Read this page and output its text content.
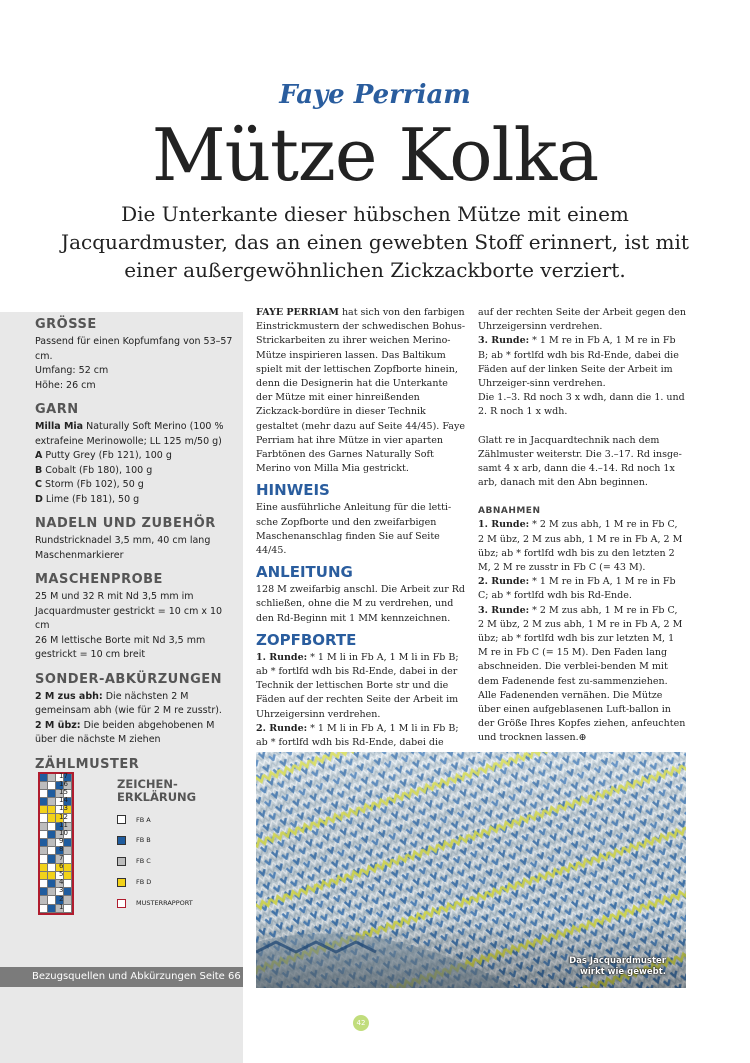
Faye Perriam
Mütze Kolka
Die Unterkante dieser hübschen Mütze mit einem Jacquardmuster, das an einen gewebten Stoff erinnert, ist mit einer außergewöhnlichen Zickzackborte verziert.
GRÖSSE

Passend für einen Kopfumfang von 53–57 cm.

Umfang: 52 cm

Höhe: 26 cm

GARN

Milla Mia Naturally Soft Merino (100 % extrafeine Merinowolle; LL 125 m/50 g)

A Putty Grey (Fb 121), 100 g

B Cobalt (Fb 180), 100 g

C Storm (Fb 102), 50 g

D Lime (Fb 181), 50 g

NADELN UND ZUBEHÖR

Rundstricknadel 3,5 mm, 40 cm lang

Maschenmarkierer

MASCHENPROBE

25 M und 32 R mit Nd 3,5 mm im Jacquardmuster gestrickt = 10 cm x 10 cm

26 M lettische Borte mit Nd 3,5 mm gestrickt = 10 cm breit

SONDER-ABKÜRZUNGEN

2 M zus abh: Die nächsten 2 M gemeinsam abh (wie für 2 M re zusstr).

2 M übz: Die beiden abgehobenen M über die nächste M ziehen

ZÄHLMUSTER
17
16
15
14
13
12
11
10
9
8
7
6
5
4
3
2
1
ZEICHEN-ERKLÄRUNG
FB A
FB B
FB C
FB D
MUSTERRAPPORT
Bezugsquellen und Abkürzungen Seite 66

FAYE PERRIAM hat sich von den farbigen Einstrickmustern der schwedischen Bohus-Strickarbeiten zu ihrer weichen Merino-Mütze inspirieren lassen. Das Baltikum spielt mit der lettischen Zopfborte hinein, denn die Designerin hat die Unterkante der Mütze mit einer hinreißenden Zickzack-bordüre in dieser Technik gestaltet (mehr dazu auf Seite 44/45). Faye Perriam hat ihre Mütze in vier aparten Farbtönen des Garnes Naturally Soft Merino von Milla Mia gestrickt.

HINWEIS

Eine ausführliche Anleitung für die letti-sche Zopfborte und den zweifarbigen Maschenanschlag finden Sie auf Seite 44/45.

ANLEITUNG

128 M zweifarbig anschl. Die Arbeit zur Rd schließen, ohne die M zu verdrehen, und den Rd-Beginn mit 1 MM kennzeichnen.

ZOPFBORTE

1. Runde: * 1 M li in Fb A, 1 M li in Fb B; ab * fortlfd wdh bis Rd-Ende, dabei in der Technik der lettischen Borte str und die Fäden auf der rechten Seite der Arbeit im Uhrzeigersinn verdrehen.

2. Runde: * 1 M li in Fb A, 1 M li in Fb B; ab * fortlfd wdh bis Rd-Ende, dabei die

auf der rechten Seite der Arbeit gegen den Uhrzeigersinn verdrehen.

3. Runde: * 1 M re in Fb A, 1 M re in Fb B; ab * fortlfd wdh bis Rd-Ende, dabei die Fäden auf der linken Seite der Arbeit im Uhrzeiger-sinn verdrehen.

Die 1.–3. Rd noch 3 x wdh, dann die 1. und 2. R noch 1 x wdh.

Glatt re in Jacquardtechnik nach dem Zählmuster weiterstr. Die 3.–17. Rd insge-samt 4 x arb, dann die 4.–14. Rd noch 1x arb, danach mit den Abn beginnen.

ABNAHMEN

1. Runde: * 2 M zus abh, 1 M re in Fb C, 2 M übz, 2 M zus abh, 1 M re in Fb A, 2 M übz; ab * fortlfd wdh bis zu den letzten 2 M, 2 M re zusstr in Fb C (= 43 M).

2. Runde: * 1 M re in Fb A, 1 M re in Fb C; ab * fortlfd wdh bis Rd-Ende.

3. Runde: * 2 M zus abh, 1 M re in Fb C, 2 M übz, 2 M zus abh, 1 M re in Fb A, 2 M übz; ab * fortlfd wdh bis zur letzten M, 1 M re in Fb C (= 15 M). Den Faden lang abschneiden. Die verblei-benden M mit dem Fadenende fest zu-sammenziehen. Alle Fadenenden vernähen. Die Mütze über einen aufgeblasenen Luft-ballon in der Größe Ihres Kopfes ziehen, anfeuchten und trocknen lassen.⊕

Das Jacquardmuster
wirkt wie gewebt.
42
